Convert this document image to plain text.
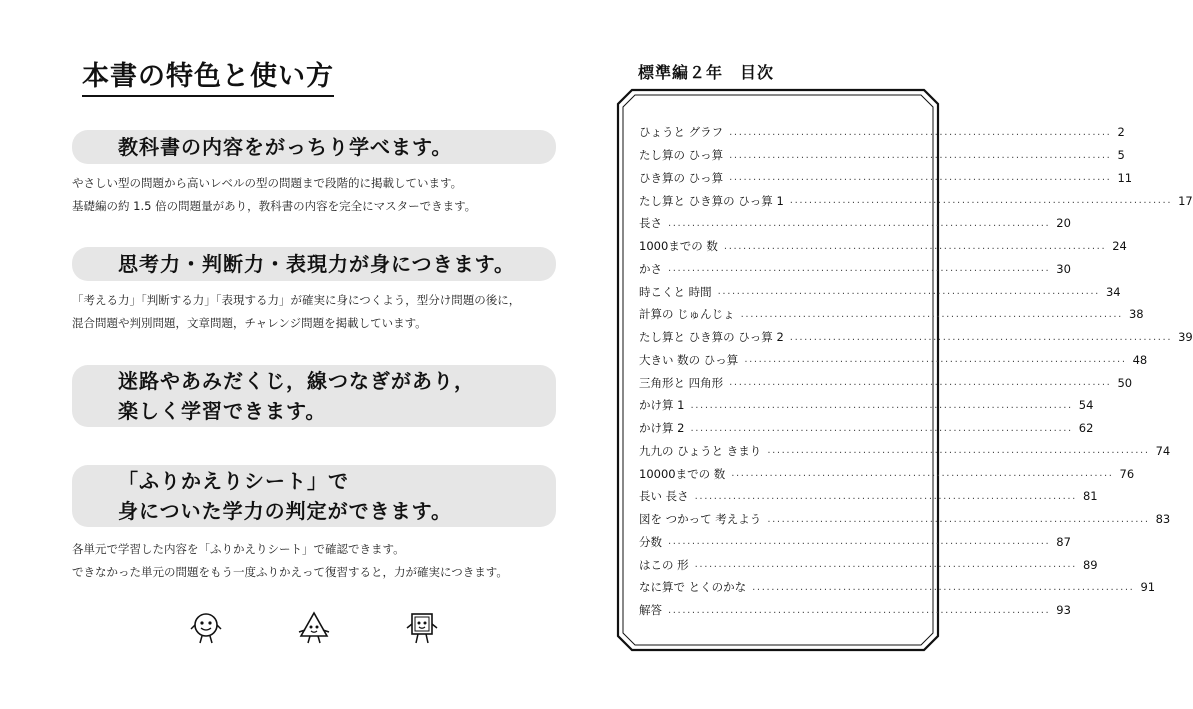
本書の特色と使い方
教科書の内容をがっちり学べます。
やさしい型の問題から高いレベルの型の問題まで段階的に掲載しています。
基礎編の約 1.5 倍の問題量があり，教科書の内容を完全にマスターできます。
思考力・判断力・表現力が身につきます。
「考える力」「判断する力」「表現する力」が確実に身につくよう，型分け問題の後に，
混合問題や判別問題，文章問題，チャレンジ問題を掲載しています。
迷路やあみだくじ，線つなぎがあり，
楽しく学習できます。
「ふりかえりシート」で
身についた学力の判定ができます。
各単元で学習した内容を「ふりかえりシート」で確認できます。
できなかった単元の問題をもう一度ふりかえって復習すると，力が確実につきます。
標準編２年　目次
ひょうと グラフ ................................................................................ 2
たし算の ひっ算 ................................................................................ 5
ひき算の ひっ算 ................................................................................ 11
たし算と ひき算の ひっ算 1 ................................................................................ 17
長さ ................................................................................ 20
1000までの 数 ................................................................................ 24
かさ ................................................................................ 30
時こくと 時間 ................................................................................ 34
計算の じゅんじょ ................................................................................ 38
たし算と ひき算の ひっ算 2 ................................................................................ 39
大きい 数の ひっ算 ................................................................................ 48
三角形と 四角形 ................................................................................ 50
かけ算 1 ................................................................................ 54
かけ算 2 ................................................................................ 62
九九の ひょうと きまり ................................................................................ 74
10000までの 数 ................................................................................ 76
長い 長さ ................................................................................ 81
図を つかって 考えよう ................................................................................ 83
分数 ................................................................................ 87
はこの 形 ................................................................................ 89
なに算で とくのかな ................................................................................ 91
解答 ................................................................................ 93
